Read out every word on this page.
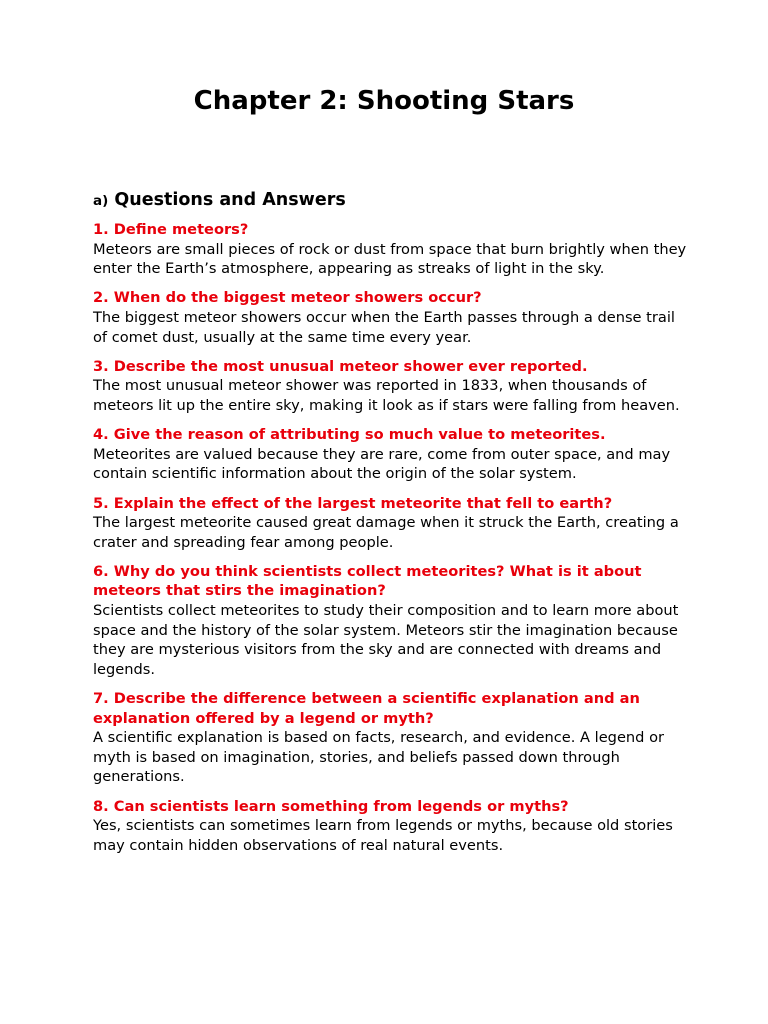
Chapter 2: Shooting Stars
a) Questions and Answers
1. Define meteors?
Meteors are small pieces of rock or dust from space that burn brightly when they enter the Earth’s atmosphere, appearing as streaks of light in the sky.
2. When do the biggest meteor showers occur?
The biggest meteor showers occur when the Earth passes through a dense trail of comet dust, usually at the same time every year.
3. Describe the most unusual meteor shower ever reported.
The most unusual meteor shower was reported in 1833, when thousands of meteors lit up the entire sky, making it look as if stars were falling from heaven.
4. Give the reason of attributing so much value to meteorites.
Meteorites are valued because they are rare, come from outer space, and may contain scientific information about the origin of the solar system.
5. Explain the effect of the largest meteorite that fell to earth?
The largest meteorite caused great damage when it struck the Earth, creating a crater and spreading fear among people.
6. Why do you think scientists collect meteorites? What is it about meteors that stirs the imagination?
Scientists collect meteorites to study their composition and to learn more about space and the history of the solar system. Meteors stir the imagination because they are mysterious visitors from the sky and are connected with dreams and legends.
7. Describe the difference between a scientific explanation and an explanation offered by a legend or myth?
A scientific explanation is based on facts, research, and evidence. A legend or myth is based on imagination, stories, and beliefs passed down through generations.
8. Can scientists learn something from legends or myths?
Yes, scientists can sometimes learn from legends or myths, because old stories may contain hidden observations of real natural events.
